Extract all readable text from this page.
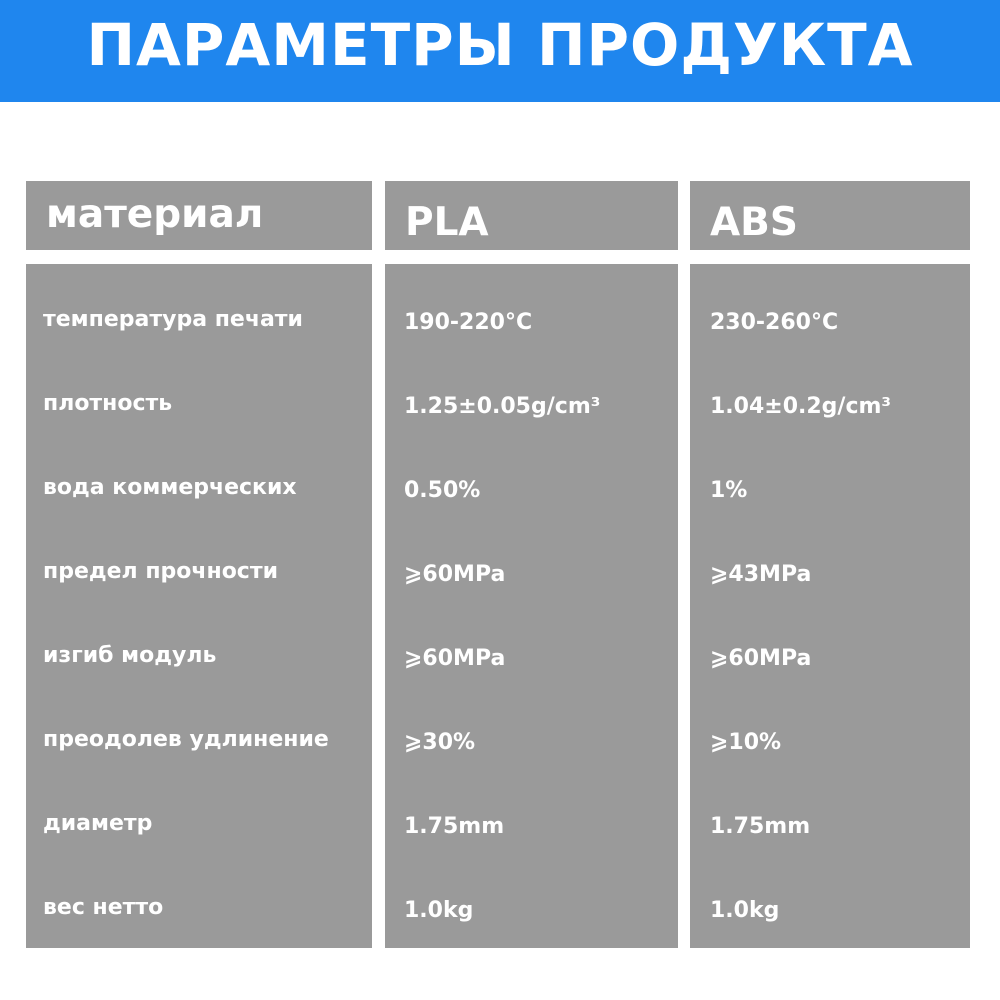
ПАРАМЕТРЫ ПРОДУКТА
материал	PLA	ABS
температура печати	190-220°C	230-260°C
плотность	1.25±0.05g/cm³	1.04±0.2g/cm³
вода коммерческих	0.50%	1%
предел прочности	⩾60MPa	⩾43MPa
изгиб модуль	⩾60MPa	⩾60MPa
преодолев удлинение	⩾30%	⩾10%
диаметр	1.75mm	1.75mm
вес нетто	1.0kg	1.0kg
